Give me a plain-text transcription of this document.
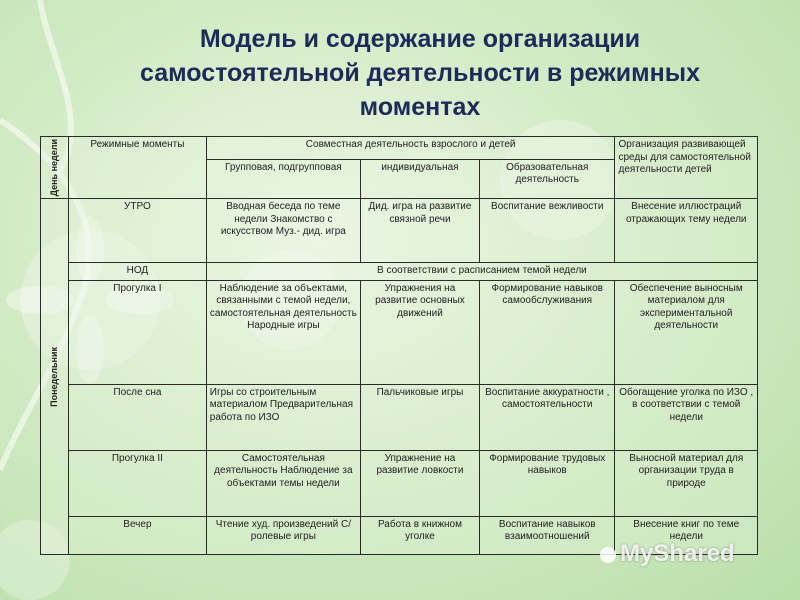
Модель и содержание организации самостоятельной деятельности в режимных моментах
День недели	Режимные моменты	Совместная деятельность взрослого и детей			Организация развивающей среды для самостоятельной деятельности детей
		Групповая, подгрупповая	индивидуальная	Образовательная деятельность	

Понедельник	УТРО	Вводная беседа по теме недели Знакомство с искусством Муз.- дид. игра	Дид. игра на развитие связной речи	Воспитание вежливости	Внесение иллюстраций отражающих тему недели
	НОД	В соответствии с расписанием темой недели			
	Прогулка I	Наблюдение за объектами, связанными с темой недели, самостоятельная деятельность Народные игры	Упражнения на развитие основных движений	Формирование навыков самообслуживания	Обеспечение выносным материалом для экспериментальной деятельности
	После сна	Игры со строительным материалом Предварительная работа по ИЗО	Пальчиковые игры	Воспитание аккуратности , самостоятельности	Обогащение уголка по ИЗО , в соответствии с темой недели
	Прогулка II	Самостоятельная деятельность Наблюдение за объектами темы недели	Упражнение на развитие ловкости	Формирование трудовых навыков	Выносной материал для организации труда в природе
	Вечер	Чтение худ. произведений С/ролевые игры	Работа в книжном уголке	Воспитание навыков взаимоотношений	Внесение книг по теме недели
MyShared
